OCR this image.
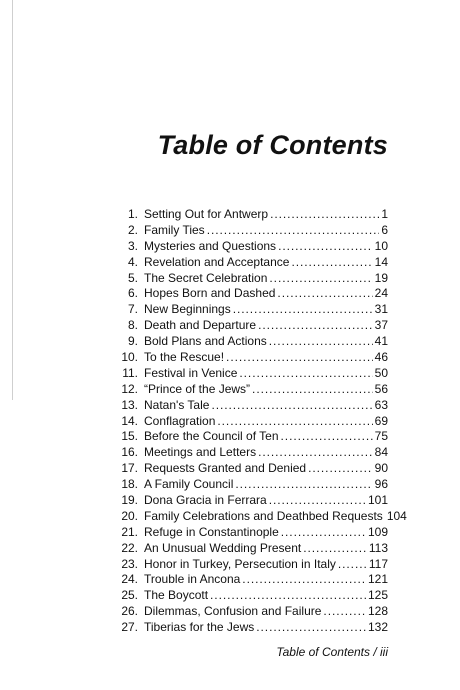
Table of Contents
1. Setting Out for Antwerp . . .	1
2. Family Ties . . .	6
3. Mysteries and Questions . . .	10
4. Revelation and Acceptance . . .	14
5. The Secret Celebration . . .	19
6. Hopes Born and Dashed . . .	24
7. New Beginnings . . .	31
8. Death and Departure . . .	37
9. Bold Plans and Actions . . .	41
10. To the Rescue! . . .	46
11. Festival in Venice . . .	50
12. “Prince of the Jews” . . .	56
13. Natan's Tale . . .	63
14. Conflagration . . .	69
15. Before the Council of Ten . . .	75
16. Meetings and Letters . . .	84
17. Requests Granted and Denied . . .	90
18. A Family Council . . .	96
19. Dona Gracia in Ferrara . . .	101
20. Family Celebrations and Deathbed Requests 104
21. Refuge in Constantinople . . .	109
22. An Unusual Wedding Present . . .	113
23. Honor in Turkey, Persecution in Italy . . .	117
24. Trouble in Ancona . . .	121
25. The Boycott . . .	125
26. Dilemmas, Confusion and Failure . . .	128
27. Tiberias for the Jews . . .	132
Table of Contents / iii
